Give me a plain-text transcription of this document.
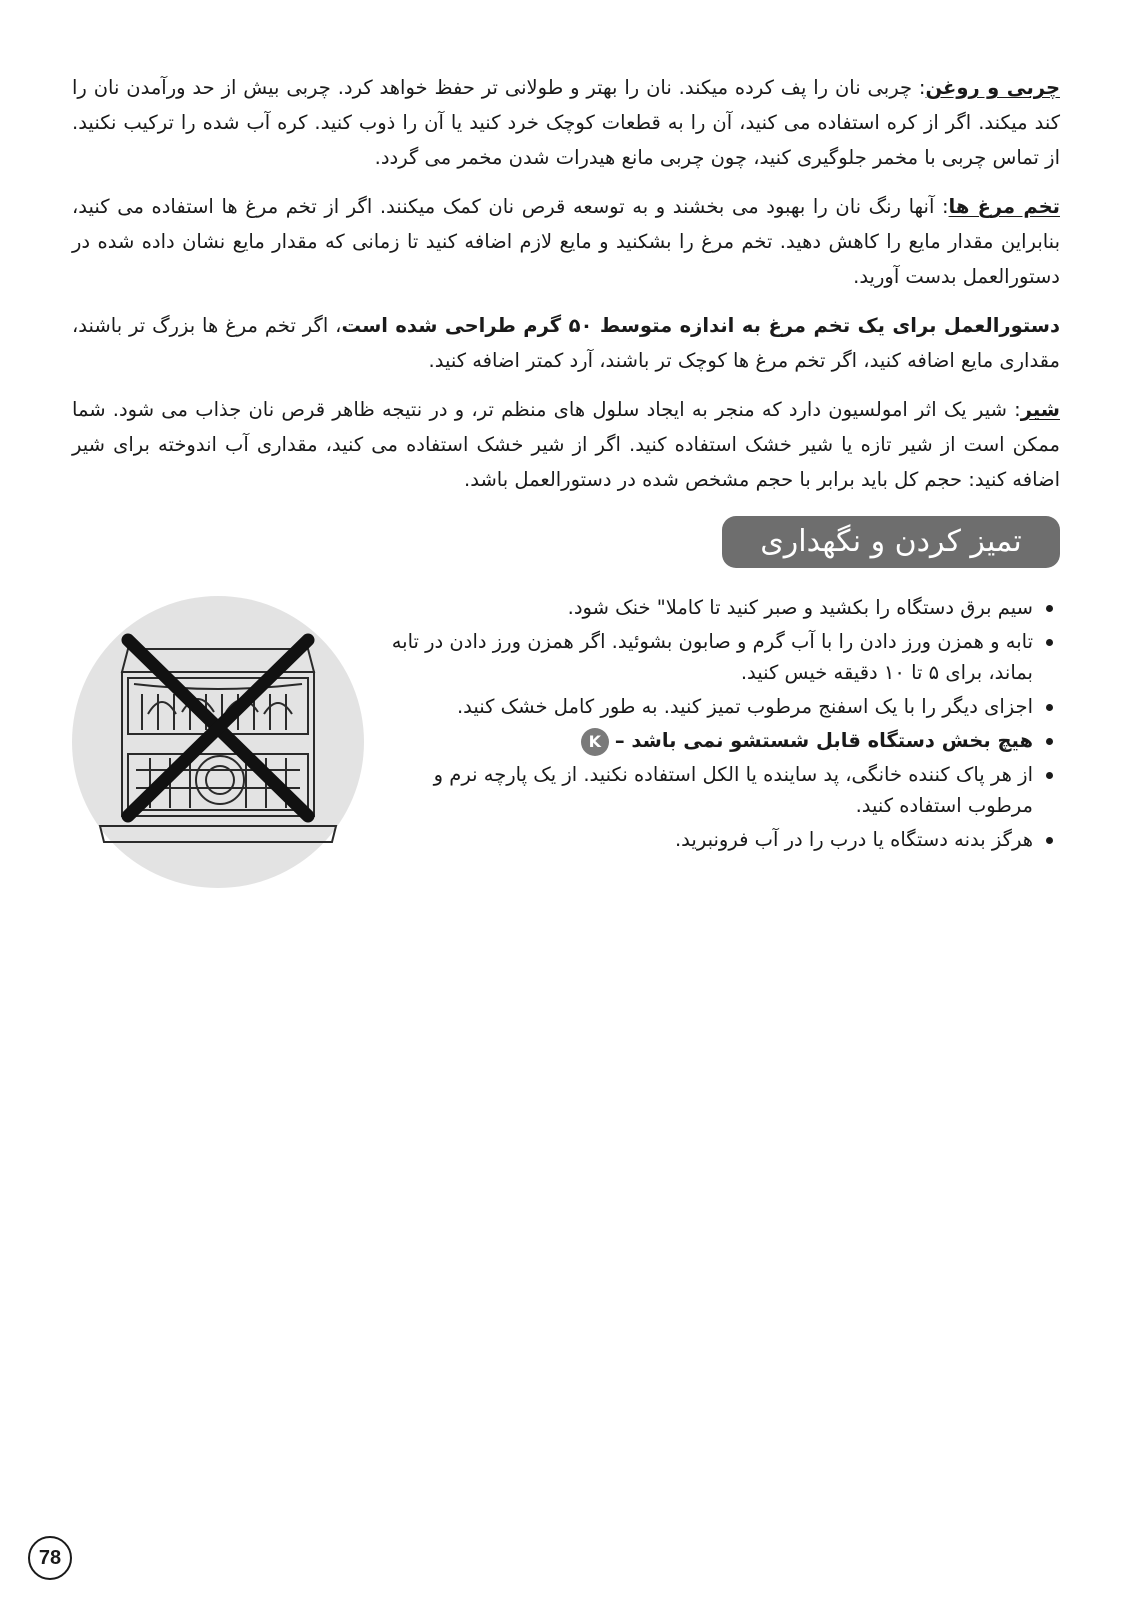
چربی و روغن: چربی نان را پف کرده میکند. نان را بهتر و طولانی تر حفظ خواهد کرد. چربی بیش از حد ورآمدن نان را کند میکند. اگر از کره استفاده می کنید، آن را به قطعات کوچک خرد کنید یا آن را ذوب کنید. کره آب شده را ترکیب نکنید. از تماس چربی با مخمر جلوگیری کنید، چون چربی مانع هیدرات شدن مخمر می گردد.

تخم مرغ ها: آنها رنگ نان را بهبود می بخشند و به توسعه قرص نان کمک میکنند. اگر از تخم مرغ ها استفاده می کنید، بنابراین مقدار مایع را کاهش دهید. تخم مرغ را بشکنید و مایع لازم اضافه کنید تا زمانی که مقدار مایع نشان داده شده در دستورالعمل بدست آورید.

دستورالعمل برای یک تخم مرغ به اندازه متوسط ۵۰ گرم طراحی شده است، اگر تخم مرغ ها بزرگ تر باشند، مقداری مایع اضافه کنید، اگر تخم مرغ ها کوچک تر باشند، آرد کمتر اضافه کنید.

شیر: شیر یک اثر امولسیون دارد که منجر به ایجاد سلول های منظم تر، و در نتیجه ظاهر قرص نان جذاب می شود. شما ممکن است از شیر تازه یا شیر خشک استفاده کنید. اگر از شیر خشک استفاده می کنید، مقداری آب اندوخته برای شیر اضافه کنید: حجم کل باید برابر با حجم مشخص شده در دستورالعمل باشد.

تمیز کردن و نگهداری
سیم برق دستگاه را بکشید و صبر کنید تا کاملا" خنک شود.
تابه و همزن ورز دادن را با آب گرم و صابون بشوئید. اگر همزن ورز دادن در تابه بماند، برای ۵ تا ۱۰ دقیقه خیس کنید.
اجزای دیگر را با یک اسفنج مرطوب تمیز کنید. به طور کامل خشک کنید.
هیچ بخش دستگاه قابل شستشو نمی باشد –K
از هر پاک کننده خانگی، پد ساینده یا الکل استفاده نکنید. از یک پارچه نرم و مرطوب استفاده کنید.
هرگز بدنه دستگاه یا درب را در آب فرونبرید.
78
